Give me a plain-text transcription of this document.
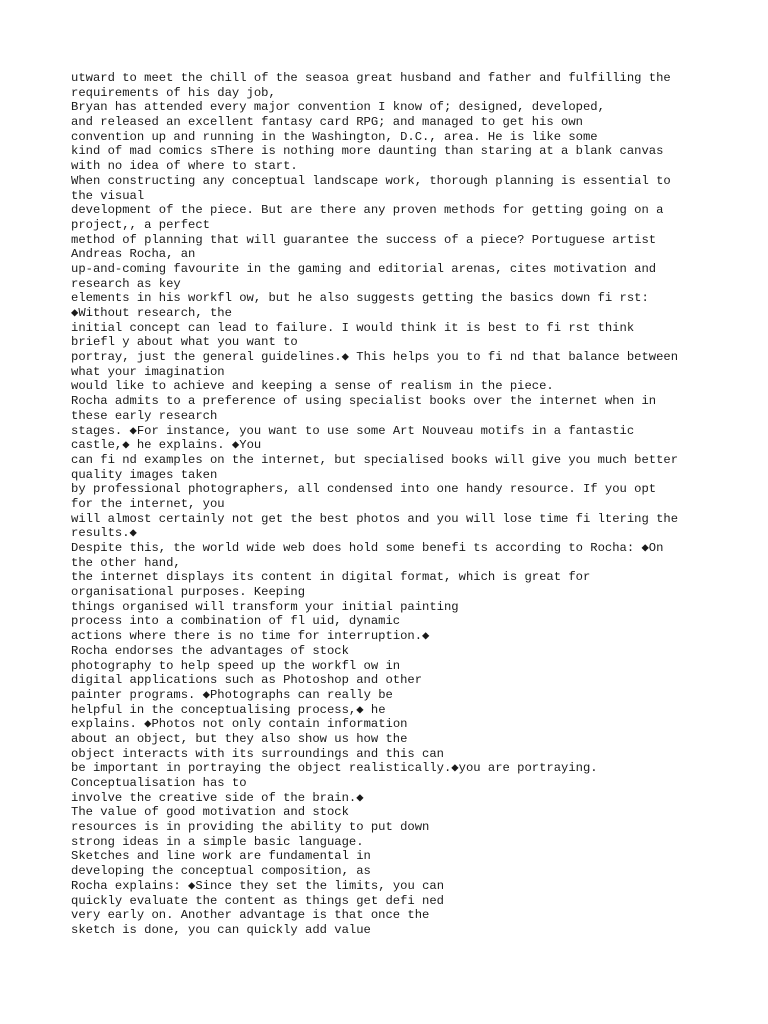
utward to meet the chill of the seasoa great husband and father and fulfilling the
requirements of his day job,
Bryan has attended every major convention I know of; designed, developed,
and released an excellent fantasy card RPG; and managed to get his own
convention up and running in the Washington, D.C., area. He is like some
kind of mad comics sThere is nothing more daunting than staring at a blank canvas
with no idea of where to start.
When constructing any conceptual landscape work, thorough planning is essential to
the visual
development of the piece. But are there any proven methods for getting going on a
project,, a perfect
method of planning that will guarantee the success of a piece? Portuguese artist
Andreas Rocha, an
up-and-coming favourite in the gaming and editorial arenas, cites motivation and
research as key
elements in his workfl ow, but he also suggests getting the basics down fi rst:
◆Without research, the
initial concept can lead to failure. I would think it is best to fi rst think
briefl y about what you want to
portray, just the general guidelines.◆ This helps you to fi nd that balance between
what your imagination
would like to achieve and keeping a sense of realism in the piece.
Rocha admits to a preference of using specialist books over the internet when in
these early research
stages. ◆For instance, you want to use some Art Nouveau motifs in a fantastic
castle,◆ he explains. ◆You
can fi nd examples on the internet, but specialised books will give you much better
quality images taken
by professional photographers, all condensed into one handy resource. If you opt
for the internet, you
will almost certainly not get the best photos and you will lose time fi ltering the
results.◆
Despite this, the world wide web does hold some benefi ts according to Rocha: ◆On
the other hand,
the internet displays its content in digital format, which is great for
organisational purposes. Keeping
things organised will transform your initial painting
process into a combination of fl uid, dynamic
actions where there is no time for interruption.◆
Rocha endorses the advantages of stock
photography to help speed up the workfl ow in
digital applications such as Photoshop and other
painter programs. ◆Photographs can really be
helpful in the conceptualising process,◆ he
explains. ◆Photos not only contain information
about an object, but they also show us how the
object interacts with its surroundings and this can
be important in portraying the object realistically.◆you are portraying.
Conceptualisation has to
involve the creative side of the brain.◆
The value of good motivation and stock
resources is in providing the ability to put down
strong ideas in a simple basic language.
Sketches and line work are fundamental in
developing the conceptual composition, as
Rocha explains: ◆Since they set the limits, you can
quickly evaluate the content as things get defi ned
very early on. Another advantage is that once the
sketch is done, you can quickly add value
